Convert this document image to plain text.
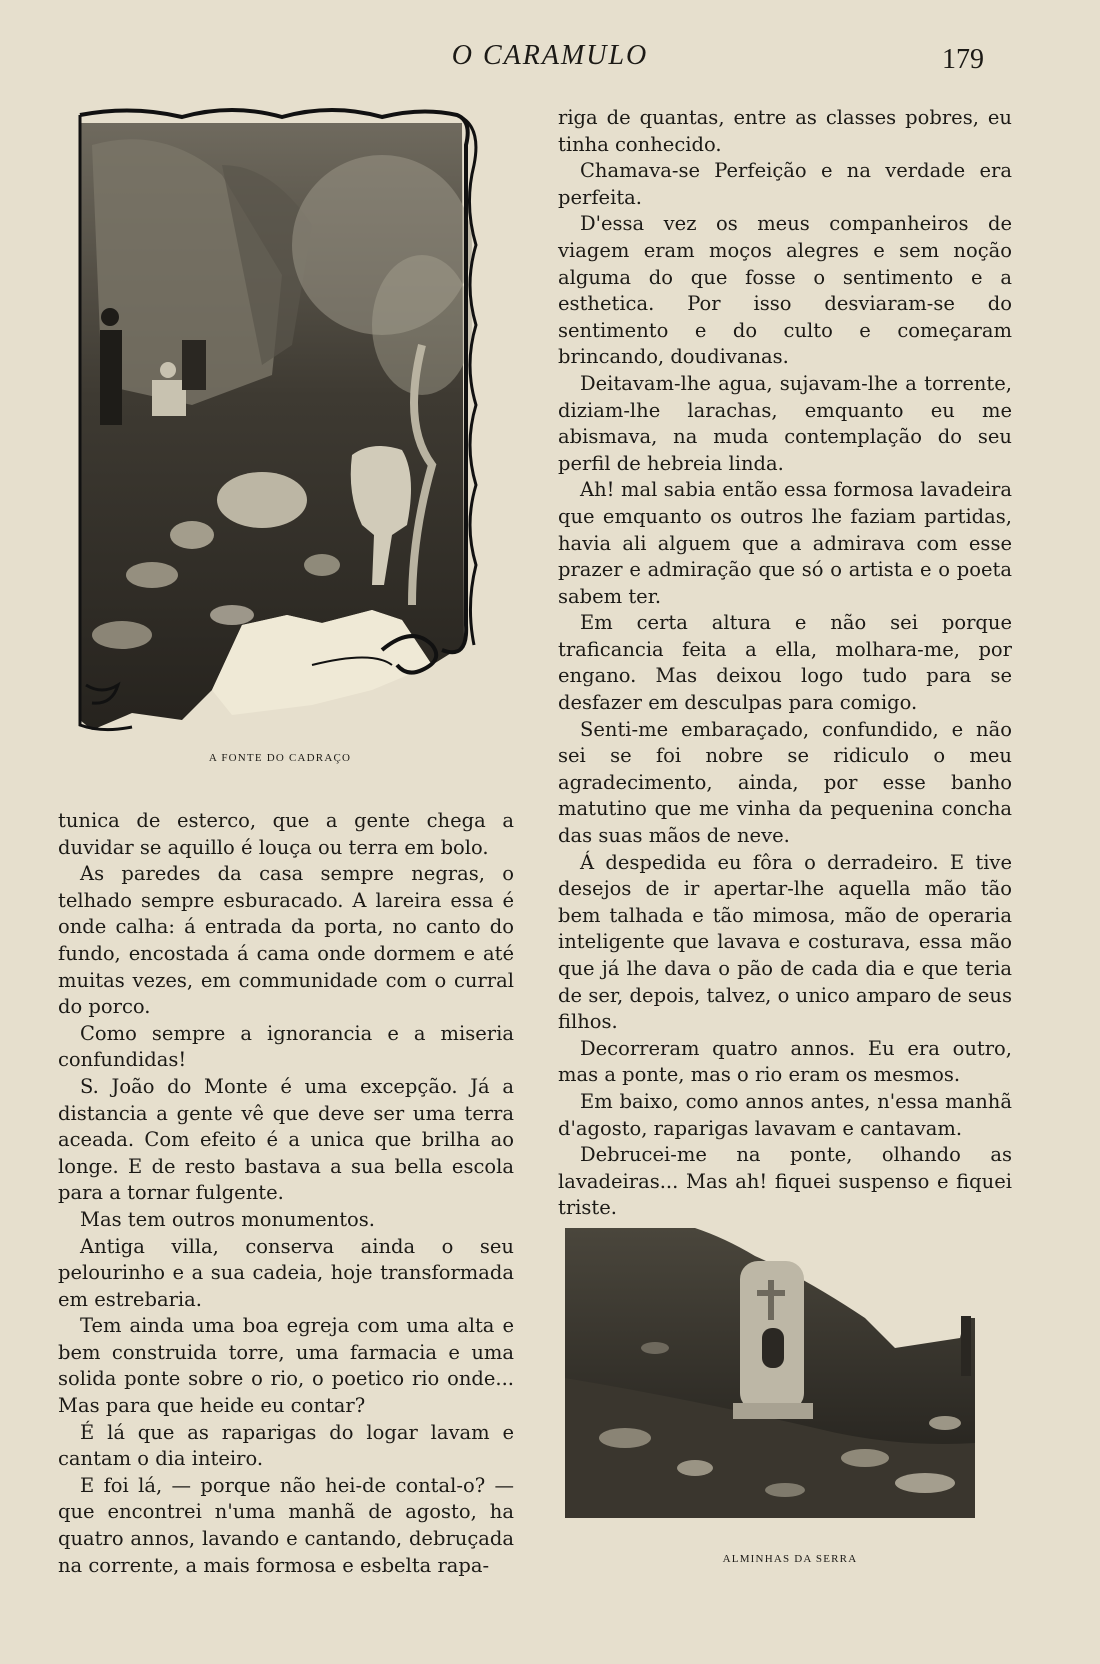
O CARAMULO	179
A FONTE DO CADRAÇO

tunica de esterco, que a gente chega a duvidar se aquillo é louça ou terra em bolo.

As paredes da casa sempre negras, o telhado sempre esburacado. A lareira essa é onde calha: á entrada da porta, no canto do fundo, encostada á cama onde dormem e até muitas vezes, em communidade com o curral do porco.

Como sempre a ignorancia e a miseria confundidas!

S. João do Monte é uma excepção. Já a distancia a gente vê que deve ser uma terra aceada. Com efeito é a unica que brilha ao longe. E de resto bastava a sua bella escola para a tornar fulgente.

Mas tem outros monumentos.

Antiga villa, conserva ainda o seu pelourinho e a sua cadeia, hoje transformada em estrebaria.

Tem ainda uma boa egreja com uma alta e bem construida torre, uma farmacia e uma solida ponte sobre o rio, o poetico rio onde... Mas para que heide eu contar?

É lá que as raparigas do logar lavam e cantam o dia inteiro.

E foi lá, — porque não hei-de contal-o? — que encontrei n'uma manhã de agosto, ha quatro annos, lavando e cantando, debruçada na corrente, a mais formosa e esbelta rapa-

riga de quantas, entre as classes pobres, eu tinha conhecido.

Chamava-se Perfeição e na verdade era perfeita.

D'essa vez os meus companheiros de viagem eram moços alegres e sem noção alguma do que fosse o sentimento e a esthetica. Por isso desviaram-se do sentimento e do culto e começaram brincando, doudivanas.

Deitavam-lhe agua, sujavam-lhe a torrente, diziam-lhe larachas, emquanto eu me abismava, na muda contemplação do seu perfil de hebreia linda.

Ah! mal sabia então essa formosa lavadeira que emquanto os outros lhe faziam partidas, havia ali alguem que a admirava com esse prazer e admiração que só o artista e o poeta sabem ter.

Em certa altura e não sei porque traficancia feita a ella, molhara-me, por engano. Mas deixou logo tudo para se desfazer em desculpas para comigo.

Senti-me embaraçado, confundido, e não sei se foi nobre se ridiculo o meu agradecimento, ainda, por esse banho matutino que me vinha da pequenina concha das suas mãos de neve.

Á despedida eu fôra o derradeiro. E tive desejos de ir apertar-lhe aquella mão tão bem talhada e tão mimosa, mão de operaria inteligente que lavava e costurava, essa mão que já lhe dava o pão de cada dia e que teria de ser, depois, talvez, o unico amparo de seus filhos.

Decorreram quatro annos. Eu era outro, mas a ponte, mas o rio eram os mesmos.

Em baixo, como annos antes, n'essa manhã d'agosto, raparigas lavavam e cantavam.

Debrucei-me na ponte, olhando as lavadeiras... Mas ah! fiquei suspenso e fiquei triste.

ALMINHAS DA SERRA
